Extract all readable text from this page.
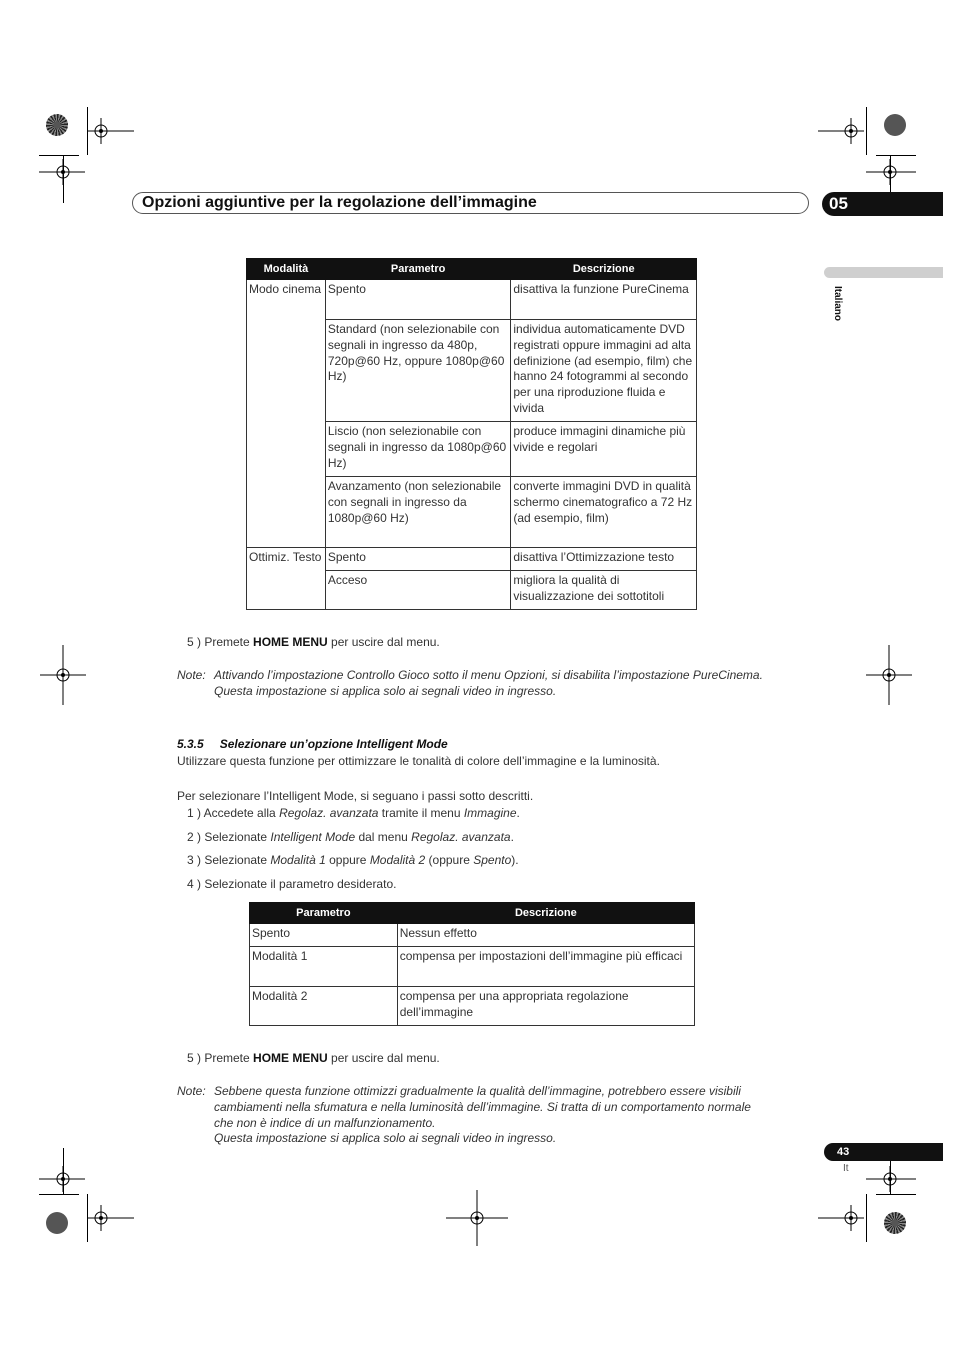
Opzioni aggiuntive per la regolazione dell’immagine	05
Italiano
Modalità	Parametro	Descrizione
Modo cinema	Spento	disattiva la funzione PureCinema
	Standard (non selezionabile con segnali in ingresso da 480p, 720p@60 Hz, oppure 1080p@60 Hz)	individua automaticamente DVD registrati oppure immagini ad alta definizione (ad esempio, film) che hanno 24 fotogrammi al secondo per una riproduzione fluida e vivida
	Liscio (non selezionabile con segnali in ingresso da 1080p@60 Hz)	produce immagini dinamiche più vivide e regolari
	Avanzamento (non selezionabile con segnali in ingresso da 1080p@60 Hz)	converte immagini DVD in qualità schermo cinematografico a 72 Hz (ad esempio, film)
Ottimiz. Testo	Spento	disattiva l’Ottimizzazione testo
	Acceso	migliora la qualità di visualizzazione dei sottotitoli
5 ) Premete HOME MENU per uscire dal menu.
Note: Attivando l’impostazione Controllo Gioco sotto il menu Opzioni, si disabilita l’impostazione PureCinema.
Questa impostazione si applica solo ai segnali video in ingresso.
5.3.5 Selezionare un’opzione Intelligent Mode
Utilizzare questa funzione per ottimizzare le tonalità di colore dell’immagine e la luminosità.
Per selezionare l’Intelligent Mode, si seguano i passi sotto descritti.
1 ) Accedete alla Regolaz. avanzata tramite il menu Immagine.
2 ) Selezionate Intelligent Mode dal menu Regolaz. avanzata.
3 ) Selezionate Modalità 1 oppure Modalità 2 (oppure Spento).
4 ) Selezionate il parametro desiderato.
Parametro	Descrizione
Spento	Nessun effetto
Modalità 1	compensa per impostazioni dell’immagine più efficaci
Modalità 2	compensa per una appropriata regolazione dell’immagine
5 ) Premete HOME MENU per uscire dal menu.
Note: Sebbene questa funzione ottimizzi gradualmente la qualità dell’immagine, potrebbero essere visibili
cambiamenti nella sfumatura e nella luminosità dell’immagine. Si tratta di un comportamento normale
che non è indice di un malfunzionamento.
Questa impostazione si applica solo ai segnali video in ingresso.
43
It
